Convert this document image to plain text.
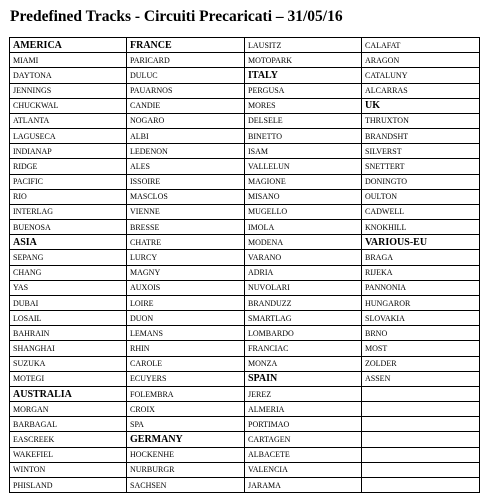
Predefined Tracks - Circuiti Precaricati – 31/05/16
AMERICA	FRANCE	LAUSITZ	CALAFAT
MIAMI	PARICARD	MOTOPARK	ARAGON
DAYTONA	DULUC	ITALY	CATALUNY
JENNINGS	PAUARNOS	PERGUSA	ALCARRAS
CHUCKWAL	CANDIE	MORES	UK
ATLANTA	NOGARO	DELSELE	THRUXTON
LAGUSECA	ALBI	BINETTO	BRANDSHT
INDIANAP	LEDENON	ISAM	SILVERST
RIDGE	ALES	VALLELUN	SNETTERT
PACIFIC	ISSOIRE	MAGIONE	DONINGTO
RIO	MASCLOS	MISANO	OULTON
INTERLAG	VIENNE	MUGELLO	CADWELL
BUENOSA	BRESSE	IMOLA	KNOKHILL
ASIA	CHATRE	MODENA	VARIOUS-EU
SEPANG	LURCY	VARANO	BRAGA
CHANG	MAGNY	ADRIA	RIJEKA
YAS	AUXOIS	NUVOLARI	PANNONIA
DUBAI	LOIRE	BRANDUZZ	HUNGAROR
LOSAIL	DUON	SMARTLAG	SLOVAKIA
BAHRAIN	LEMANS	LOMBARDO	BRNO
SHANGHAI	RHIN	FRANCIAC	MOST
SUZUKA	CAROLE	MONZA	ZOLDER
MOTEGI	ECUYERS	SPAIN	ASSEN
AUSTRALIA	FOLEMBRA	JEREZ	
MORGAN	CROIX	ALMERIA	
BARBAGAL	SPA	PORTIMAO	
EASCREEK	GERMANY	CARTAGEN	
WAKEFIEL	HOCKENHE	ALBACETE	
WINTON	NURBURGR	VALENCIA	
PHISLAND	SACHSEN	JARAMA	
